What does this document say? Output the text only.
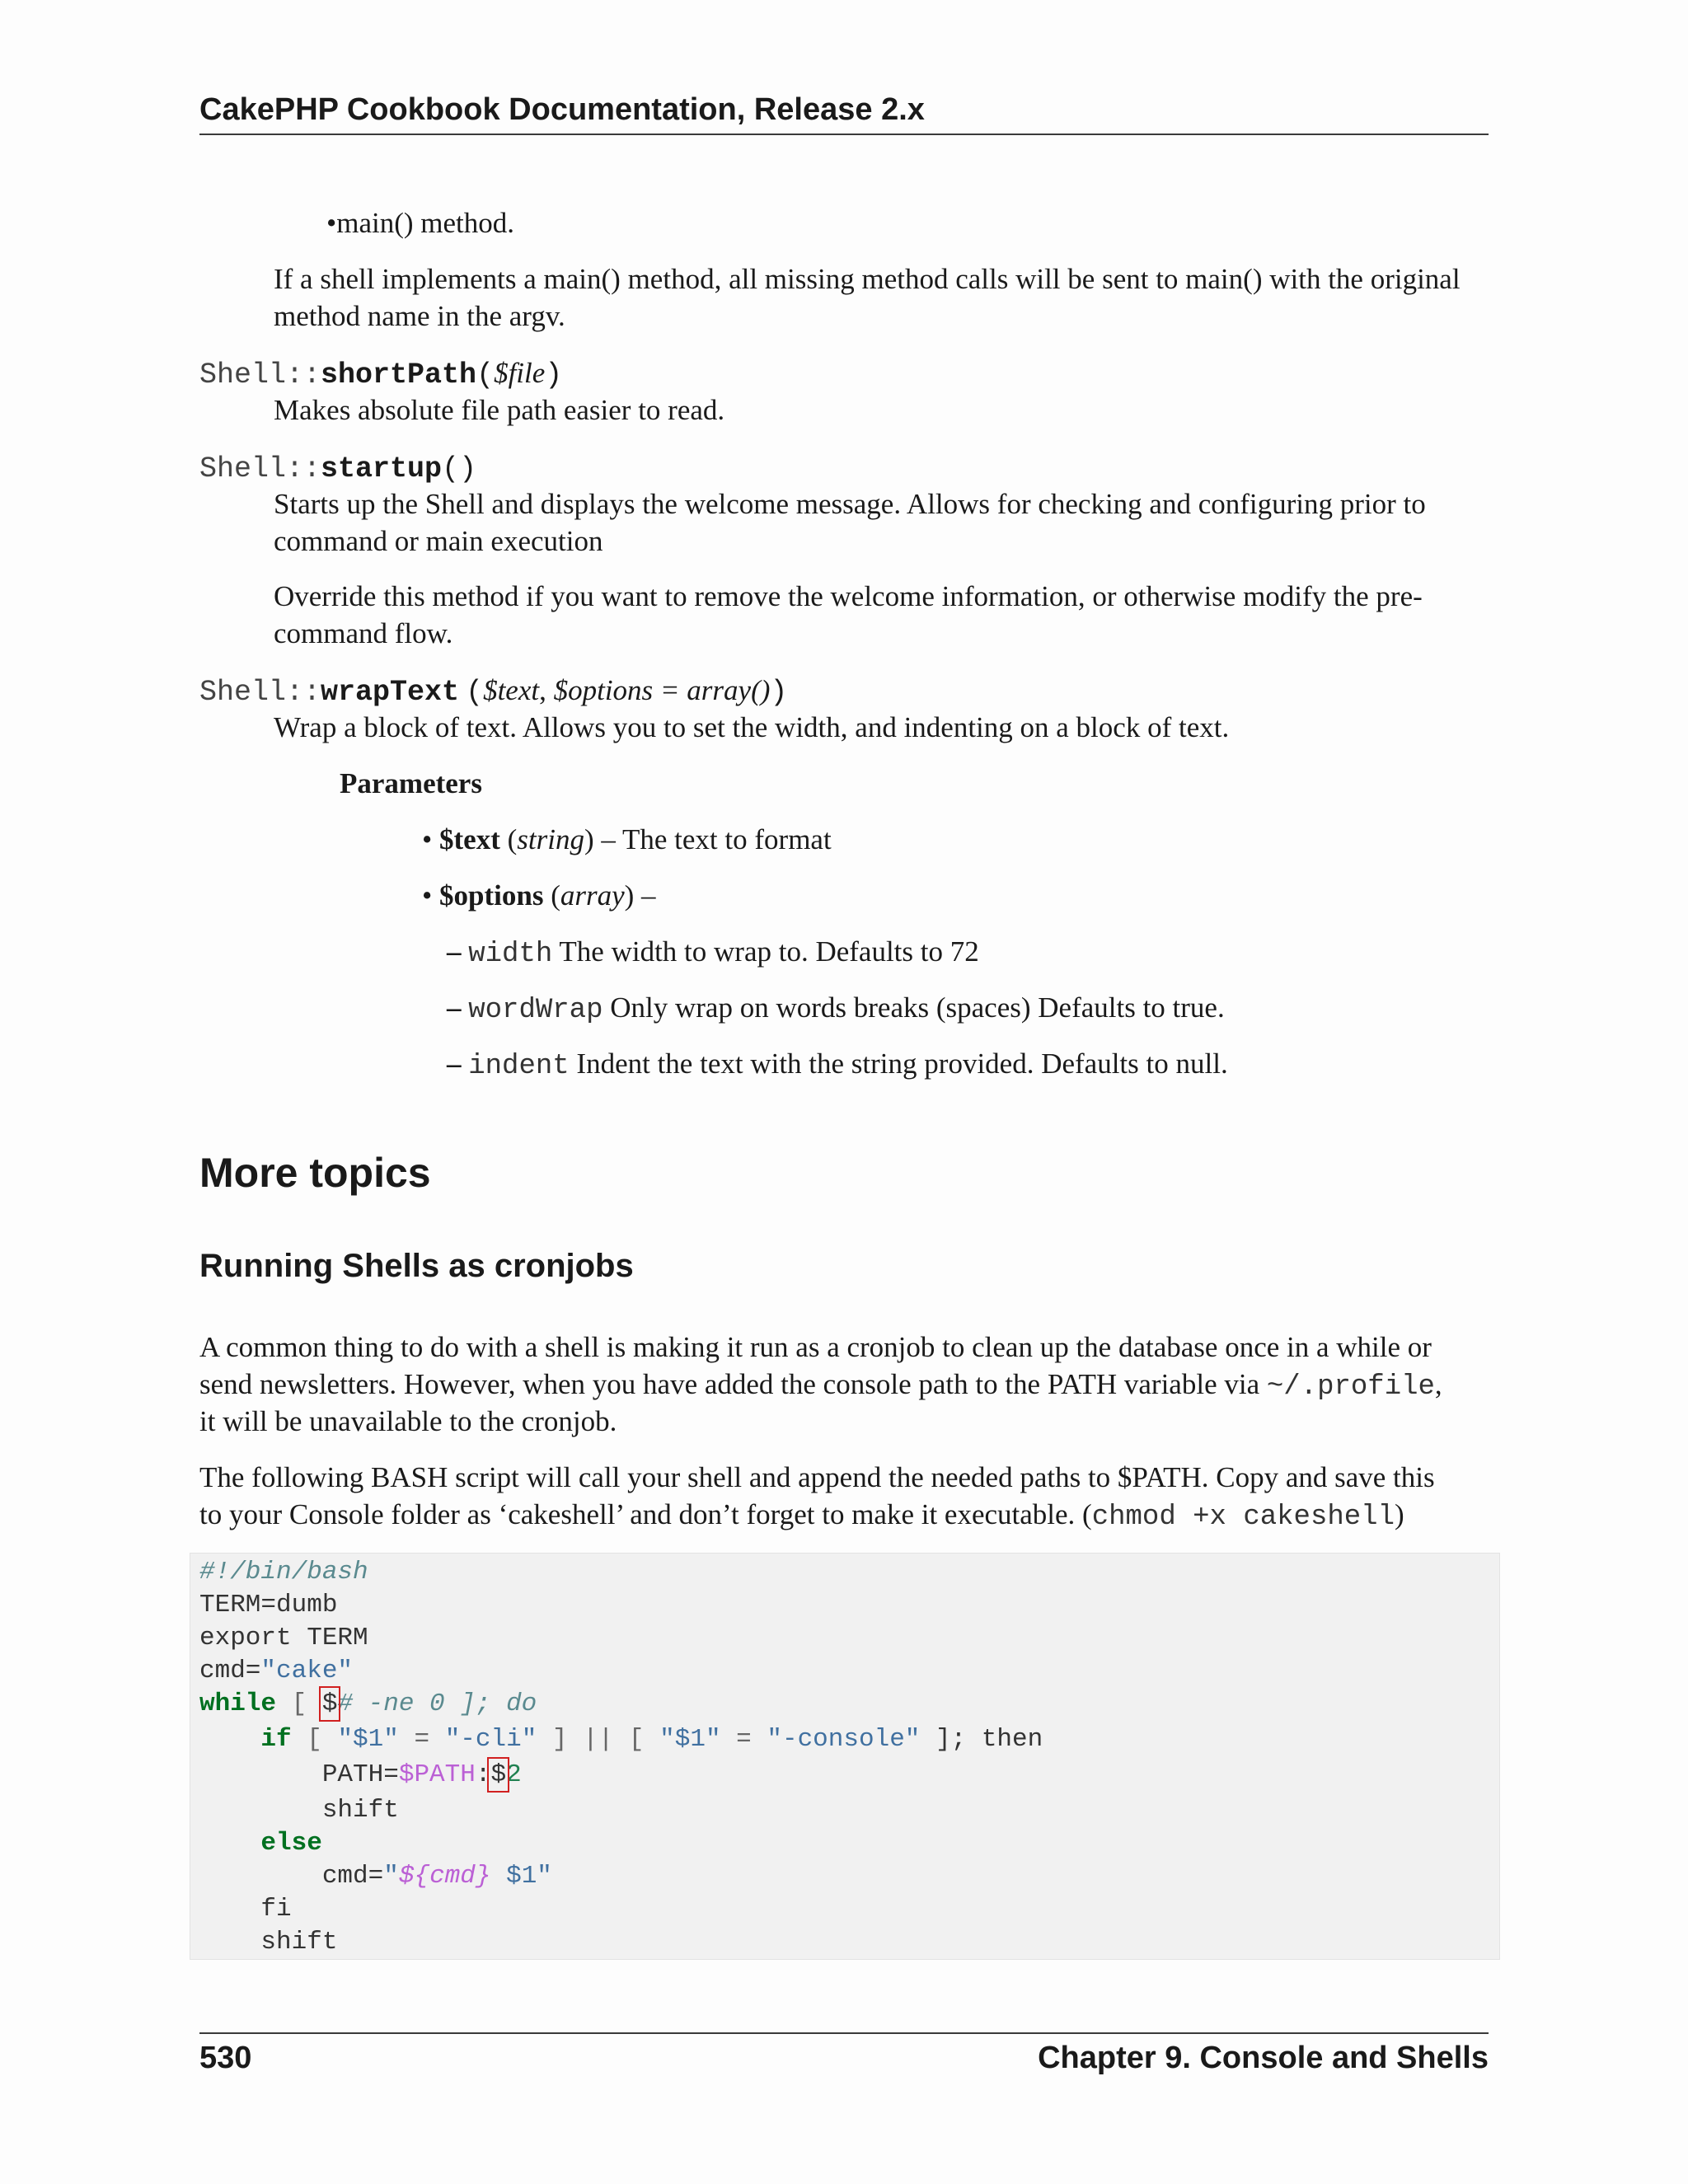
CakePHP Cookbook Documentation, Release 2.x
•main() method.
If a shell implements a main() method, all missing method calls will be sent to main() with the original
method name in the argv.
Shell::shortPath($file)
Makes absolute file path easier to read.
Shell::startup()
Starts up the Shell and displays the welcome message. Allows for checking and configuring prior to
command or main execution
Override this method if you want to remove the welcome information, or otherwise modify the pre-
command flow.
Shell::wrapText ($text, $options = array())
Wrap a block of text. Allows you to set the width, and indenting on a block of text.
Parameters
• $text (string) – The text to format
• $options (array) –
– width The width to wrap to. Defaults to 72
– wordWrap Only wrap on words breaks (spaces) Defaults to true.
– indent Indent the text with the string provided. Defaults to null.
More topics
Running Shells as cronjobs
A common thing to do with a shell is making it run as a cronjob to clean up the database once in a while or
send newsletters. However, when you have added the console path to the PATH variable via ~/.profile,
it will be unavailable to the cronjob.
The following BASH script will call your shell and append the needed paths to $PATH. Copy and save this
to your Console folder as ‘cakeshell’ and don’t forget to make it executable. (chmod +x cakeshell)
#!/bin/bash
TERM=dumb
export TERM
cmd="cake"
while [ $# -ne 0 ]; do
if [ "$1" = "-cli" ] || [ "$1" = "-console" ]; then
PATH=$PATH:$2
shift
else
cmd="${cmd} $1"
fi
shift
530	Chapter 9. Console and Shells
